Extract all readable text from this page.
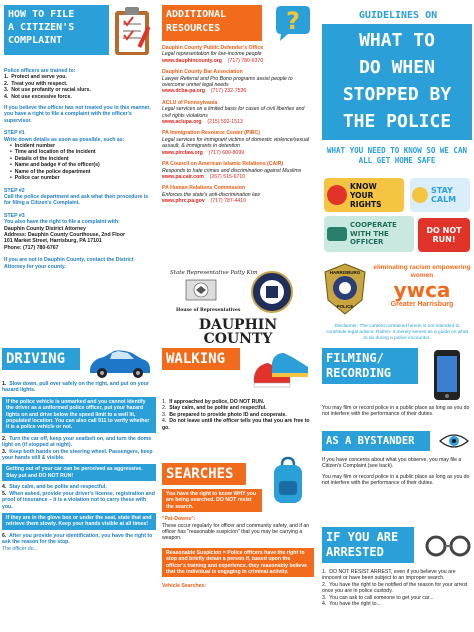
HOW TO FILE
A CITIZEN'S
COMPLAINT
Police officers are trained to:
1.  Protect and serve you.
2.  Treat you with respect.
3.  Not use profanity or racial slurs.
4.  Not use excessive force.
If you believe the officer has not treated you in this manner, you have a right to file a complaint with the officer's supervisor.
STEP #1
Write down details as soon as possible, such as:
•  Incident number
•  Time and location of the incident
•  Details of the incident
•  Name and badge # of the officer(s)
•  Name of the police department
•  Police car number
STEP #2
Call the police department and ask what their procedure is for filing a Citizen's Complaint.
STEP #3
You also have the right to file a complaint with:
Dauphin County District Attorney
Address: Dauphin County Courthouse, 2nd Floor
101 Market Street, Harrisburg, PA 17101
Phone: (717) 780-6767
If you are not in Dauphin County, contact the District Attorney for your county.
ADDITIONAL
RESOURCES	?
Dauphin County Public Defender's Office
Legal representation for low-income people
www.dauphincounty.org (717) 780-6370
Dauphin County Bar Association
Lawyer Referral and Pro Bono programs assist people to overcome unmet legal needs
www.dcba-pa.org (717) 232-7536
ACLU of Pennsylvania
Legal services on a limited basis for cases of civil liberties and civil rights violations
www.aclupa.org (215) 592-1513
PA Immigration Resource Center (PIRC)
Legal services for immigrant victims of domestic violence/sexual assault, & immigrants in detention
www.pirclaw.org (717) 600-8099
PA Council on American Islamic Relations (CAIR)
Responds to hate crimes and discrimination against Muslims
www.pa.cair.com (267) 515-6710
PA Human Relations Commission
Enforces the state's anti-discrimination law
www.phrc.pa.gov (717) 787-4410
State Representative Patty Kim
House of Representatives
DAUPHIN
COUNTY
GUIDELINES ON
WHAT TO
DO WHEN
STOPPED BY
THE POLICE
WHAT YOU NEED TO KNOW SO WE CAN ALL GET HOME SAFE
KNOW YOUR RIGHTS
STAY CALM
COOPERATE WITH THE OFFICER
DO NOT RUN!
HARRISBURG
POLICE
eliminating racism empowering women
ywca
Greater Harrisburg
Disclaimer: The content contained herein is not intended to constitute legal advice. Rather, it merely serves as a guide on what to do during a police encounter.
DRIVING
1.  Slow down, pull over safely on the right, and put on your hazard lights.
If the police vehicle is unmarked and you cannot identify the driver as a uniformed police officer, put your hazard lights on and drive below the speed limit to a well lit, populated location. You can also call 911 to verify whether it is a police vehicle or not.
2.  Turn the car off, keep your seatbelt on, and turn the dome light on (if stopped at night).
3.  Keep both hands on the steering wheel. Passengers, keep your hands still & visible.
Getting out of your car can be perceived as aggressive. Stay put and DO NOT RUN!
4.  Stay calm, and be polite and respectful.
5.  When asked, provide your driver's license, registration and proof of insurance – it is a violation not to carry these with you.
If they are in the glove box or under the seat, state that and retrieve them slowly. Keep your hands visible at all times!
6.  After you provide your identification, you have the right to ask the reason for the stop.
The officer do...
WALKING
1.  If approached by police, DO NOT RUN.
2.  Stay calm, and be polite and respectful.
3.  Be prepared to provide photo ID and cooperate.
4.  Do not leave until the officer tells you that you are free to go.
SEARCHES
You have the right to know WHY you are being searched. DO NOT resist the search.
"Pat-Downs":
These occur regularly for officer and community safety, and if an officer has "reasonable suspicion" that you may be carrying a weapon.
Reasonable Suspicion = Police officers have the right to stop and briefly detain a person if, based upon the officer's training and experience, they reasonably believe that the individual is engaging in criminal activity.
Vehicle Searches:
FILMING/
RECORDING
You may film or record police in a public place as long as you do not interfere with the performance of their duties.
AS A BYSTANDER
If you have concerns about what you observe, you may file a Citizen's Complaint (see back).
You may film or record police in a public place as long as you do not interfere with the performance of their duties.
IF YOU ARE
ARRESTED
1.  DO NOT RESIST ARREST, even if you believe you are innocent or have been subject to an improper search.
2.  You have the right to be notified of the reason for your arrest once you are in police custody.
3.  You can ask to call someone to get your car...
4.  You have the right to...
